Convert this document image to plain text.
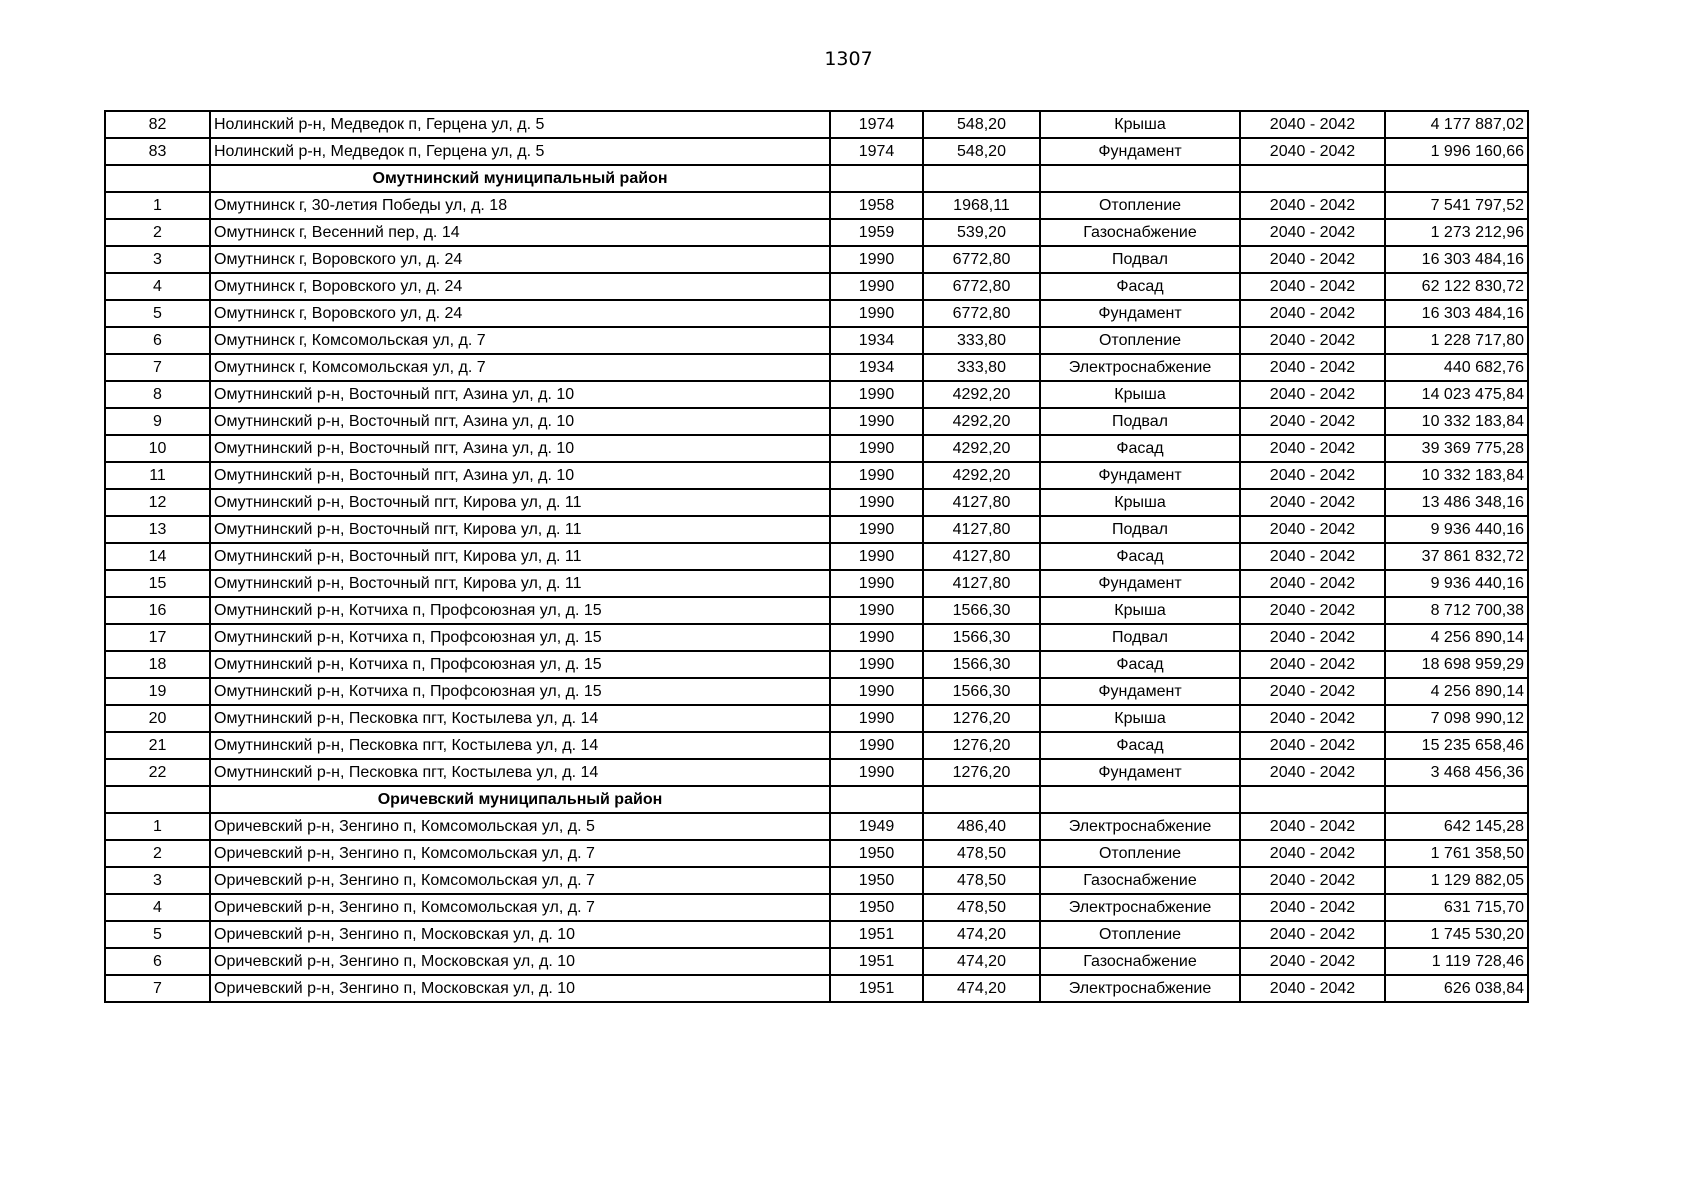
1307
82	Нолинский р-н, Медведок п, Герцена ул, д. 5	1974	548,20	Крыша	2040 - 2042	4 177 887,02
83	Нолинский р-н, Медведок п, Герцена ул, д. 5	1974	548,20	Фундамент	2040 - 2042	1 996 160,66
	Омутнинский муниципальный район					
1	Омутнинск г, 30-летия Победы ул, д. 18	1958	1968,11	Отопление	2040 - 2042	7 541 797,52
2	Омутнинск г, Весенний пер, д. 14	1959	539,20	Газоснабжение	2040 - 2042	1 273 212,96
3	Омутнинск г, Воровского ул, д. 24	1990	6772,80	Подвал	2040 - 2042	16 303 484,16
4	Омутнинск г, Воровского ул, д. 24	1990	6772,80	Фасад	2040 - 2042	62 122 830,72
5	Омутнинск г, Воровского ул, д. 24	1990	6772,80	Фундамент	2040 - 2042	16 303 484,16
6	Омутнинск г, Комсомольская ул, д. 7	1934	333,80	Отопление	2040 - 2042	1 228 717,80
7	Омутнинск г, Комсомольская ул, д. 7	1934	333,80	Электроснабжение	2040 - 2042	440 682,76
8	Омутнинский р-н, Восточный пгт, Азина ул, д. 10	1990	4292,20	Крыша	2040 - 2042	14 023 475,84
9	Омутнинский р-н, Восточный пгт, Азина ул, д. 10	1990	4292,20	Подвал	2040 - 2042	10 332 183,84
10	Омутнинский р-н, Восточный пгт, Азина ул, д. 10	1990	4292,20	Фасад	2040 - 2042	39 369 775,28
11	Омутнинский р-н, Восточный пгт, Азина ул, д. 10	1990	4292,20	Фундамент	2040 - 2042	10 332 183,84
12	Омутнинский р-н, Восточный пгт, Кирова ул, д. 11	1990	4127,80	Крыша	2040 - 2042	13 486 348,16
13	Омутнинский р-н, Восточный пгт, Кирова ул, д. 11	1990	4127,80	Подвал	2040 - 2042	9 936 440,16
14	Омутнинский р-н, Восточный пгт, Кирова ул, д. 11	1990	4127,80	Фасад	2040 - 2042	37 861 832,72
15	Омутнинский р-н, Восточный пгт, Кирова ул, д. 11	1990	4127,80	Фундамент	2040 - 2042	9 936 440,16
16	Омутнинский р-н, Котчиха п, Профсоюзная ул, д. 15	1990	1566,30	Крыша	2040 - 2042	8 712 700,38
17	Омутнинский р-н, Котчиха п, Профсоюзная ул, д. 15	1990	1566,30	Подвал	2040 - 2042	4 256 890,14
18	Омутнинский р-н, Котчиха п, Профсоюзная ул, д. 15	1990	1566,30	Фасад	2040 - 2042	18 698 959,29
19	Омутнинский р-н, Котчиха п, Профсоюзная ул, д. 15	1990	1566,30	Фундамент	2040 - 2042	4 256 890,14
20	Омутнинский р-н, Песковка пгт, Костылева ул, д. 14	1990	1276,20	Крыша	2040 - 2042	7 098 990,12
21	Омутнинский р-н, Песковка пгт, Костылева ул, д. 14	1990	1276,20	Фасад	2040 - 2042	15 235 658,46
22	Омутнинский р-н, Песковка пгт, Костылева ул, д. 14	1990	1276,20	Фундамент	2040 - 2042	3 468 456,36
	Оричевский муниципальный район					
1	Оричевский р-н, Зенгино п, Комсомольская ул, д. 5	1949	486,40	Электроснабжение	2040 - 2042	642 145,28
2	Оричевский р-н, Зенгино п, Комсомольская ул, д. 7	1950	478,50	Отопление	2040 - 2042	1 761 358,50
3	Оричевский р-н, Зенгино п, Комсомольская ул, д. 7	1950	478,50	Газоснабжение	2040 - 2042	1 129 882,05
4	Оричевский р-н, Зенгино п, Комсомольская ул, д. 7	1950	478,50	Электроснабжение	2040 - 2042	631 715,70
5	Оричевский р-н, Зенгино п, Московская ул, д. 10	1951	474,20	Отопление	2040 - 2042	1 745 530,20
6	Оричевский р-н, Зенгино п, Московская ул, д. 10	1951	474,20	Газоснабжение	2040 - 2042	1 119 728,46
7	Оричевский р-н, Зенгино п, Московская ул, д. 10	1951	474,20	Электроснабжение	2040 - 2042	626 038,84
